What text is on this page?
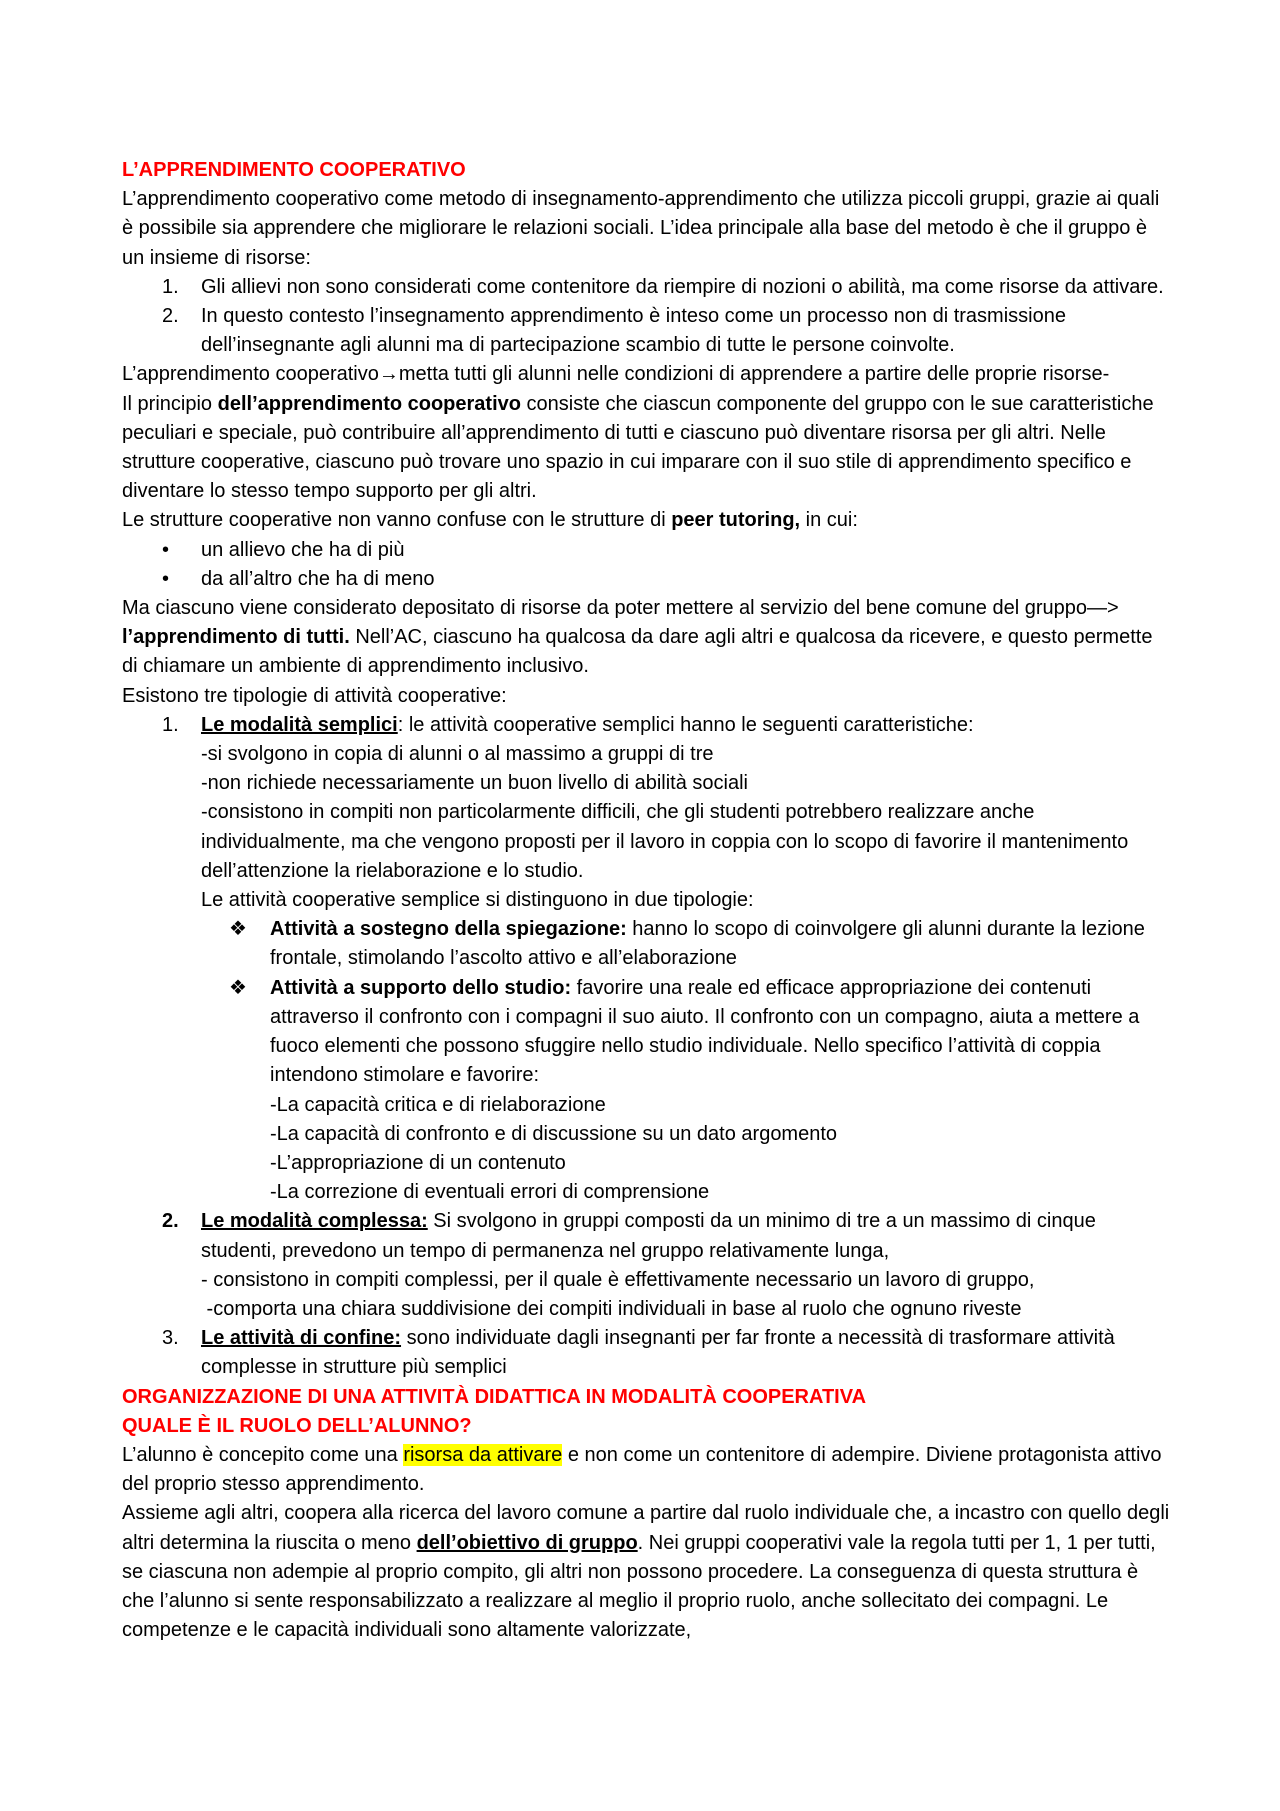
L’APPRENDIMENTO COOPERATIVO

L’apprendimento cooperativo come metodo di insegnamento-apprendimento che utilizza piccoli gruppi, grazie ai quali è possibile sia apprendere che migliorare le relazioni sociali. L’idea principale alla base del metodo è che il gruppo è un insieme di risorse:

1. Gli allievi non sono considerati come contenitore da riempire di nozioni o abilità, ma come risorse da attivare.

2. In questo contesto l’insegnamento apprendimento è inteso come un processo non di trasmissione dell’insegnante agli alunni ma di partecipazione scambio di tutte le persone coinvolte.

L’apprendimento cooperativo→metta tutti gli alunni nelle condizioni di apprendere a partire delle proprie risorse-

Il principio dell’apprendimento cooperativo consiste che ciascun componente del gruppo con le sue caratteristiche peculiari e speciale, può contribuire all’apprendimento di tutti e ciascuno può diventare risorsa per gli altri. Nelle strutture cooperative, ciascuno può trovare uno spazio in cui imparare con il suo stile di apprendimento specifico e diventare lo stesso tempo supporto per gli altri.

Le strutture cooperative non vanno confuse con le strutture di peer tutoring, in cui:

• un allievo che ha di più

• da all’altro che ha di meno

Ma ciascuno viene considerato depositato di risorse da poter mettere al servizio del bene comune del gruppo—> l’apprendimento di tutti. Nell’AC, ciascuno ha qualcosa da dare agli altri e qualcosa da ricevere, e questo permette di chiamare un ambiente di apprendimento inclusivo.

Esistono tre tipologie di attività cooperative:

1. Le modalità semplici: le attività cooperative semplici hanno le seguenti caratteristiche:

-si svolgono in copia di alunni o al massimo a gruppi di tre

-non richiede necessariamente un buon livello di abilità sociali

-consistono in compiti non particolarmente difficili, che gli studenti potrebbero realizzare anche individualmente, ma che vengono proposti per il lavoro in coppia con lo scopo di favorire il mantenimento dell’attenzione la rielaborazione e lo studio.

Le attività cooperative semplice si distinguono in due tipologie:

❖ Attività a sostegno della spiegazione: hanno lo scopo di coinvolgere gli alunni durante la lezione frontale, stimolando l’ascolto attivo e all’elaborazione

❖ Attività a supporto dello studio: favorire una reale ed efficace appropriazione dei contenuti attraverso il confronto con i compagni il suo aiuto. Il confronto con un compagno, aiuta a mettere a fuoco elementi che possono sfuggire nello studio individuale. Nello specifico l’attività di coppia intendono stimolare e favorire:

-La capacità critica e di rielaborazione

-La capacità di confronto e di discussione su un dato argomento

-L’appropriazione di un contenuto

-La correzione di eventuali errori di comprensione

2. Le modalità complessa: Si svolgono in gruppi composti da un minimo di tre a un massimo di cinque studenti, prevedono un tempo di permanenza nel gruppo relativamente lunga,

- consistono in compiti complessi, per il quale è effettivamente necessario un lavoro di gruppo,

-comporta una chiara suddivisione dei compiti individuali in base al ruolo che ognuno riveste

3. Le attività di confine: sono individuate dagli insegnanti per far fronte a necessità di trasformare attività complesse in strutture più semplici

ORGANIZZAZIONE DI UNA ATTIVITÀ DIDATTICA IN MODALITÀ COOPERATIVA

QUALE È IL RUOLO DELL’ALUNNO?

L’alunno è concepito come una risorsa da attivare e non come un contenitore di adempire. Diviene protagonista attivo del proprio stesso apprendimento.

Assieme agli altri, coopera alla ricerca del lavoro comune a partire dal ruolo individuale che, a incastro con quello degli altri determina la riuscita o meno dell’obiettivo di gruppo. Nei gruppi cooperativi vale la regola tutti per 1, 1 per tutti, se ciascuna non adempie al proprio compito, gli altri non possono procedere. La conseguenza di questa struttura è che l’alunno si sente responsabilizzato a realizzare al meglio il proprio ruolo, anche sollecitato dei compagni. Le competenze e le capacità individuali sono altamente valorizzate,
